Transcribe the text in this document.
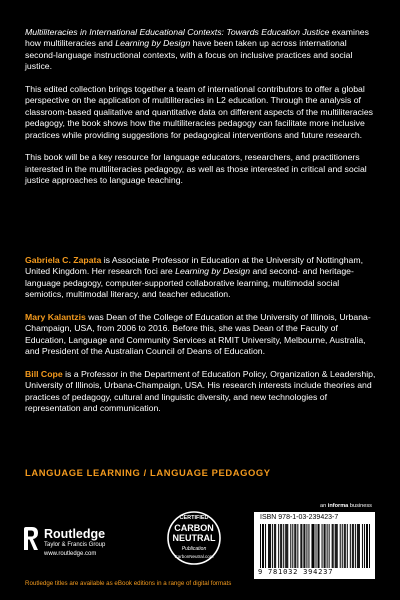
Multiliteracies in International Educational Contexts: Towards Education Justice examines how multiliteracies and Learning by Design have been taken up across international second-language instructional contexts, with a focus on inclusive practices and social justice.

This edited collection brings together a team of international contributors to offer a global perspective on the application of multiliteracies in L2 education. Through the analysis of classroom-based qualitative and quantitative data on different aspects of the multiliteracies pedagogy, the book shows how the multiliteracies pedagogy can facilitate more inclusive practices while providing suggestions for pedagogical interventions and future research.

This book will be a key resource for language educators, researchers, and practitioners interested in the multiliteracies pedagogy, as well as those interested in critical and social justice approaches to language teaching.

Gabriela C. Zapata is Associate Professor in Education at the University of Nottingham, United Kingdom. Her research foci are Learning by Design and second- and heritage-language pedagogy, computer-supported collaborative learning, multimodal social semiotics, multimodal literacy, and teacher education.

Mary Kalantzis was Dean of the College of Education at the University of Illinois, Urbana-Champaign, USA, from 2006 to 2016. Before this, she was Dean of the Faculty of Education, Language and Community Services at RMIT University, Melbourne, Australia, and President of the Australian Council of Deans of Education.

Bill Cope is a Professor in the Department of Education Policy, Organization & Leadership, University of Illinois, Urbana-Champaign, USA. His research interests include theories and practices of pedagogy, cultural and linguistic diversity, and new technologies of representation and communication.

LANGUAGE LEARNING / LANGUAGE PEDAGOGY
Routledge
Taylor & Francis Group
www.routledge.com
CERTIFIED
CARBON
NEUTRAL
Publication
CarbonNeutral.com
an informa business
ISBN 978-1-03-239423-7
9 781032 394237
Routledge titles are available as eBook editions in a range of digital formats
